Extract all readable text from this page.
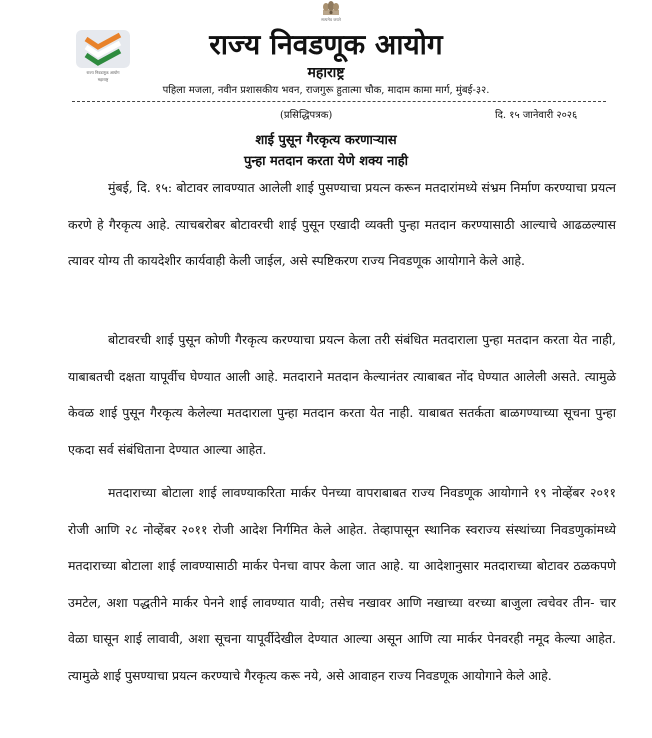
सत्यमेव जयते
राज्य निवडणूक आयोग
महाराष्ट्र
राज्य निवडणूक आयोग
महाराष्ट्र
पहिला मजला, नवीन प्रशासकीय भवन, राजगुरू हुतात्मा चौक, मादाम कामा मार्ग, मुंबई-३२.
(प्रसिद्धिपत्रक)	दि. १५ जानेवारी २०२६
शाई पुसून गैरकृत्य करणाऱ्यास
पुन्हा मतदान करता येणे शक्य नाही

मुंबई, दि. १५: बोटावर लावण्यात आलेली शाई पुसण्याचा प्रयत्न करून मतदारांमध्ये संभ्रम निर्माण करण्याचा प्रयत्न करणे हे गैरकृत्य आहे. त्याचबरोबर बोटावरची शाई पुसून एखादी व्यक्ती पुन्हा मतदान करण्यासाठी आल्याचे आढळल्यास त्यावर योग्य ती कायदेशीर कार्यवाही केली जाईल, असे स्पष्टिकरण राज्य निवडणूक आयोगाने केले आहे.

बोटावरची शाई पुसून कोणी गैरकृत्य करण्याचा प्रयत्न केला तरी संबंधित मतदाराला पुन्हा मतदान करता येत नाही, याबाबतची दक्षता यापूर्वीच घेण्यात आली आहे. मतदाराने मतदान केल्यानंतर त्याबाबत नोंद घेण्यात आलेली असते. त्यामुळे केवळ शाई पुसून गैरकृत्य केलेल्या मतदाराला पुन्हा मतदान करता येत नाही. याबाबत सतर्कता बाळगण्याच्या सूचना पुन्हा एकदा सर्व संबंधिताना देण्यात आल्या आहेत.

मतदाराच्या बोटाला शाई लावण्याकरिता मार्कर पेनच्या वापराबाबत राज्य निवडणूक आयोगाने १९ नोव्हेंबर २०११ रोजी आणि २८ नोव्हेंबर २०११ रोजी आदेश निर्गमित केले आहेत. तेव्हापासून स्थानिक स्वराज्य संस्थांच्या निवडणुकांमध्ये मतदाराच्या बोटाला शाई लावण्यासाठी मार्कर पेनचा वापर केला जात आहे. या आदेशानुसार मतदाराच्या बोटावर ठळकपणे उमटेल, अशा पद्धतीने मार्कर पेनने शाई लावण्यात यावी; तसेच नखावर आणि नखाच्या वरच्या बाजुला त्वचेवर तीन- चार वेळा घासून शाई लावावी, अशा सूचना यापूर्वीदेखील देण्यात आल्या असून आणि त्या मार्कर पेनवरही नमूद केल्या आहेत. त्यामुळे शाई पुसण्याचा प्रयत्न करण्याचे गैरकृत्य करू नये, असे आवाहन राज्य निवडणूक आयोगाने केले आहे.
